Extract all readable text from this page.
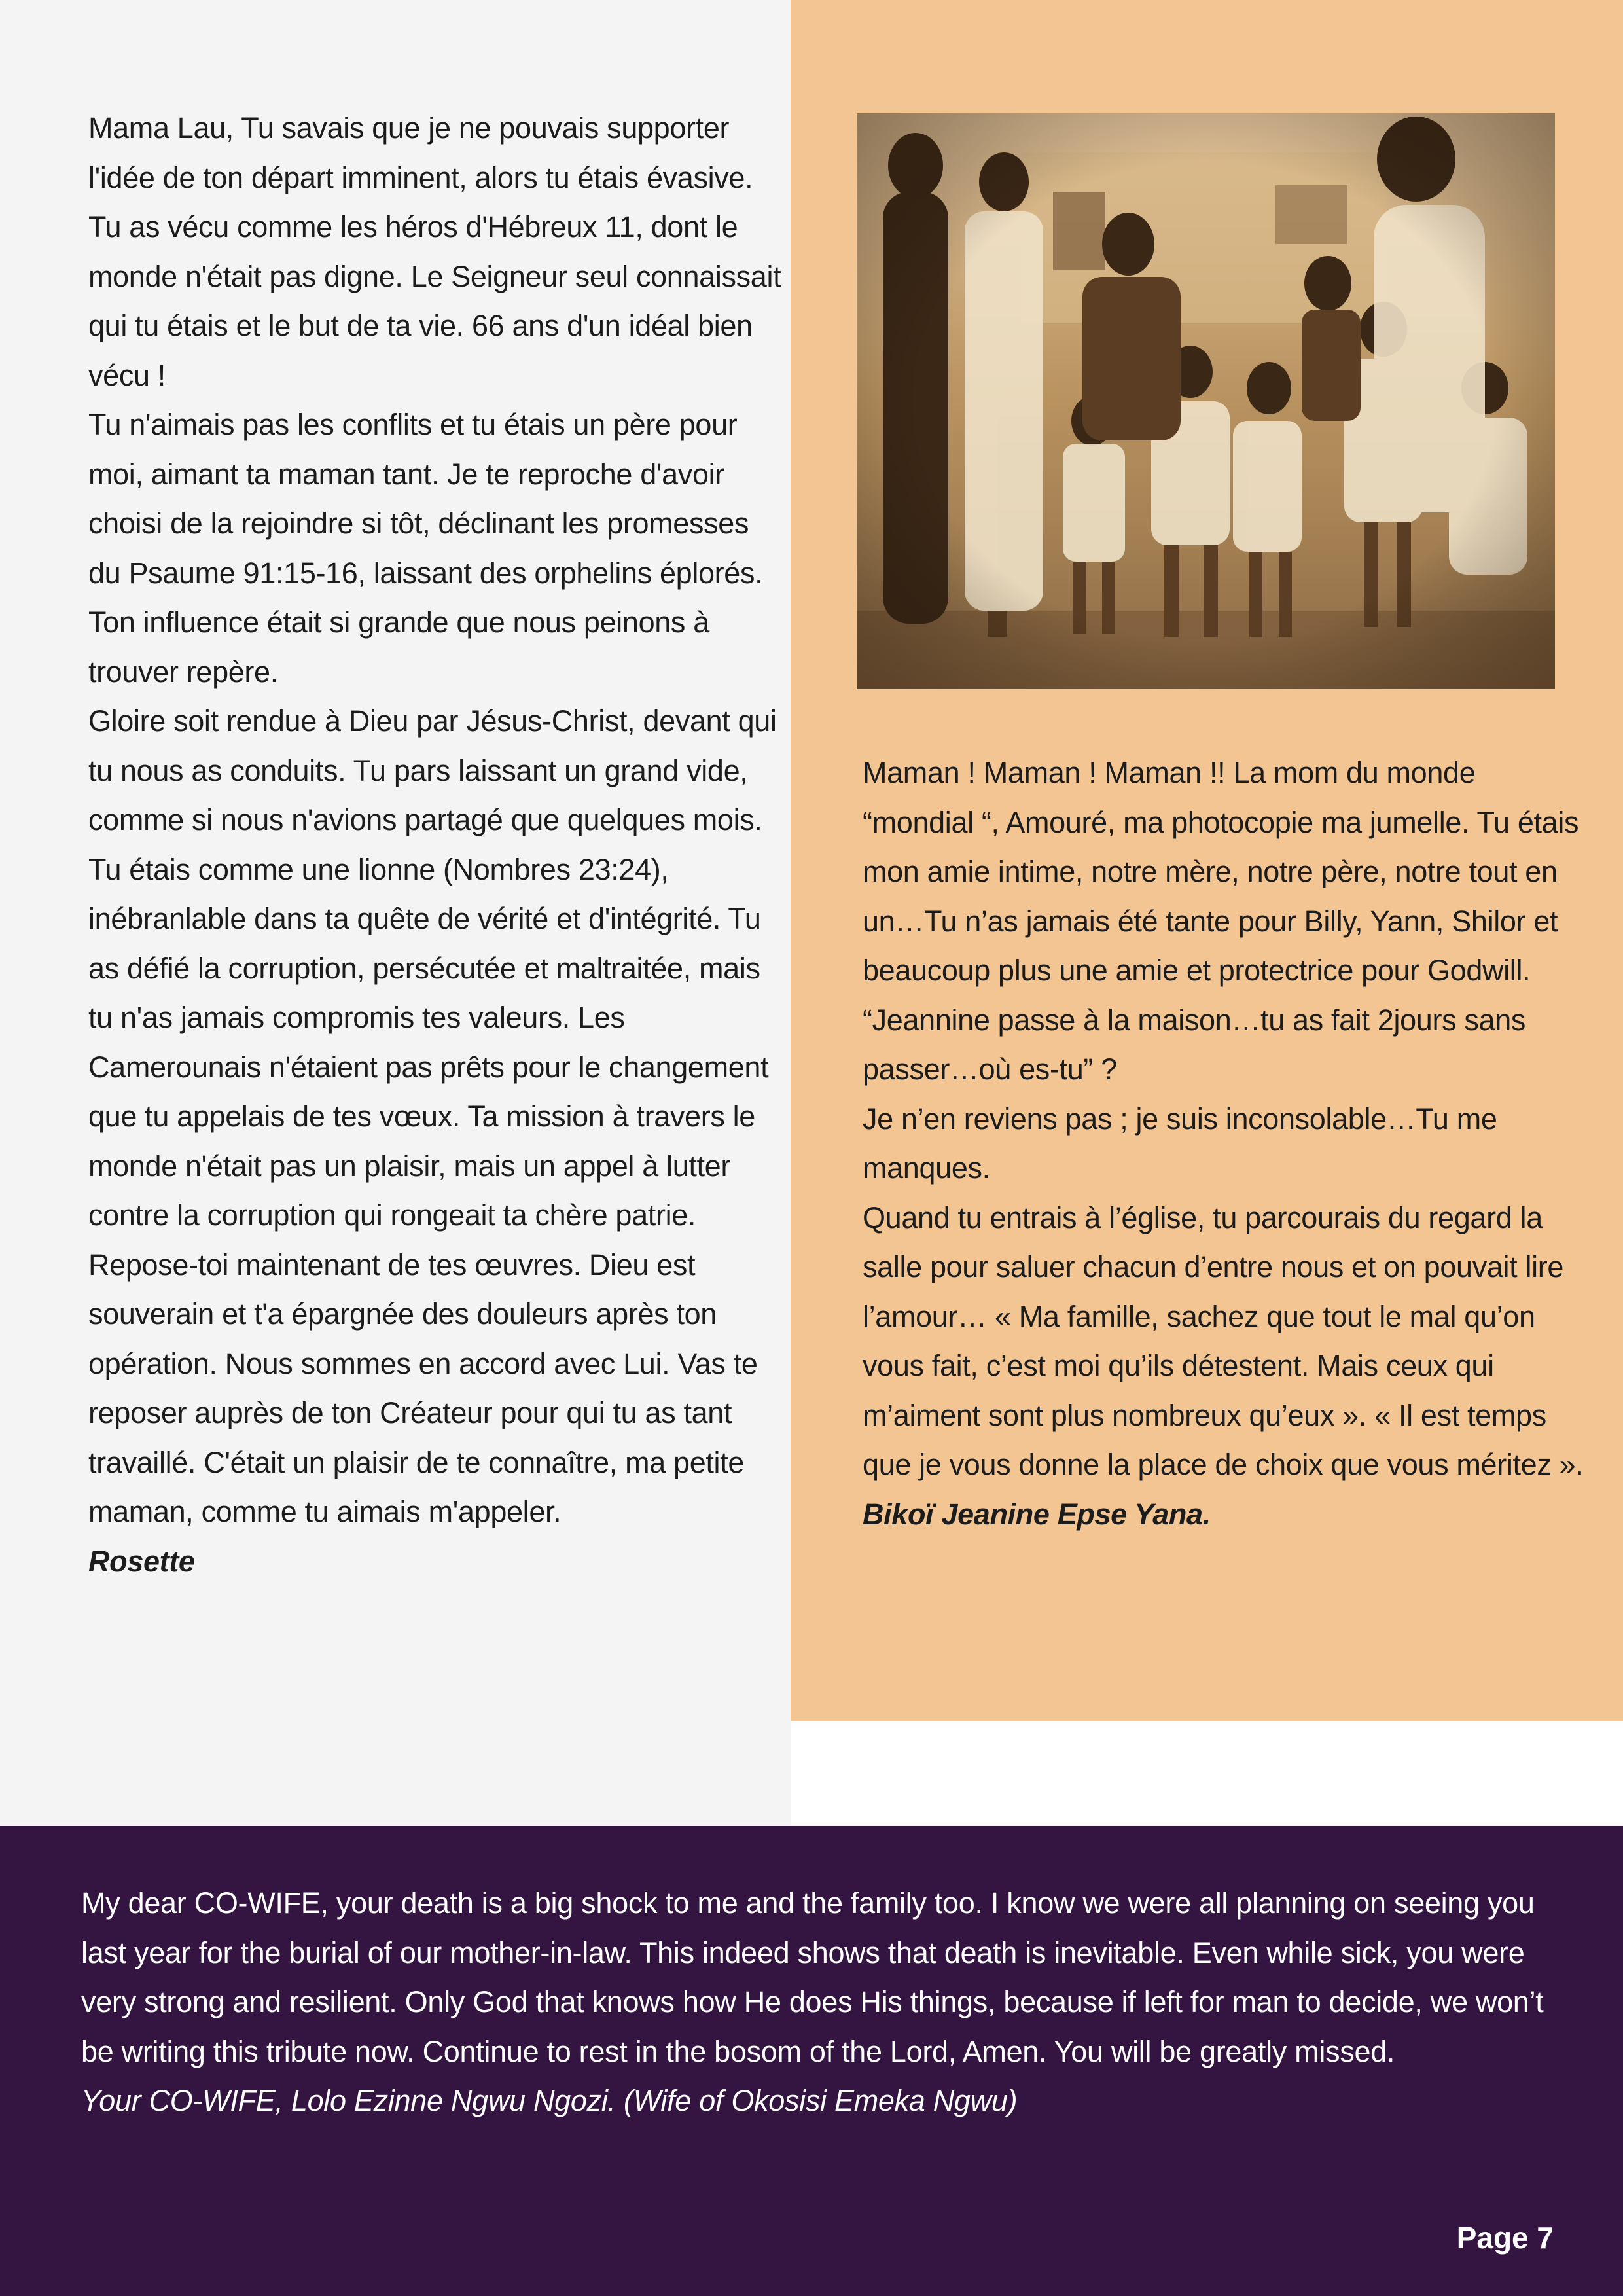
Mama Lau, Tu savais que je ne pouvais supporter l'idée de ton départ imminent, alors tu étais évasive. Tu as vécu comme les héros d'Hébreux 11, dont le monde n'était pas digne. Le Seigneur seul connaissait qui tu étais et le but de ta vie. 66 ans d'un idéal bien vécu !

Tu n'aimais pas les conflits et tu étais un père pour moi, aimant ta maman tant. Je te reproche d'avoir choisi de la rejoindre si tôt, déclinant les promesses du Psaume 91:15-16, laissant des orphelins éplorés. Ton influence était si grande que nous peinons à trouver repère.

Gloire soit rendue à Dieu par Jésus-Christ, devant qui tu nous as conduits. Tu pars laissant un grand vide, comme si nous n'avions partagé que quelques mois. Tu étais comme une lionne (Nombres 23:24), inébranlable dans ta quête de vérité et d'intégrité. Tu as défié la corruption, persécutée et maltraitée, mais tu n'as jamais compromis tes valeurs. Les Camerounais n'étaient pas prêts pour le changement que tu appelais de tes vœux. Ta mission à travers le monde n'était pas un plaisir, mais un appel à lutter contre la corruption qui rongeait ta chère patrie.

Repose-toi maintenant de tes œuvres. Dieu est souverain et t'a épargnée des douleurs après ton opération. Nous sommes en accord avec Lui. Vas te reposer auprès de ton Créateur pour qui tu as tant travaillé. C'était un plaisir de te connaître, ma petite maman, comme tu aimais m'appeler.

Rosette

Maman ! Maman ! Maman !! La mom du monde “mondial “, Amouré, ma photocopie ma jumelle. Tu étais mon amie intime, notre mère, notre père, notre tout en un…Tu n’as jamais été tante pour Billy, Yann, Shilor et beaucoup plus une amie et protectrice pour Godwill.

“Jeannine passe à la maison…tu as fait 2jours sans passer…où es-tu” ?

Je n’en reviens pas ; je suis inconsolable…Tu me manques.

Quand tu entrais à l’église, tu parcourais du regard la salle pour saluer chacun d’entre nous et on pouvait lire l’amour… « Ma famille, sachez que tout le mal qu’on vous fait, c’est moi qu’ils détestent. Mais ceux qui m’aiment sont plus nombreux qu’eux ». « Il est temps que je vous donne la place de choix que vous méritez ».

Bikoï Jeanine Epse Yana.

My dear CO-WIFE, your death is a big shock to me and the family too. I know we were all planning on seeing you last year for the burial of our mother-in-law. This indeed shows that death is inevitable. Even while sick, you were very strong and resilient. Only God that knows how He does His things, because if left for man to decide, we won’t be writing this tribute now. Continue to rest in the bosom of the Lord, Amen. You will be greatly missed.

Your CO-WIFE, Lolo Ezinne Ngwu Ngozi. (Wife of Okosisi Emeka Ngwu)

Page 7
